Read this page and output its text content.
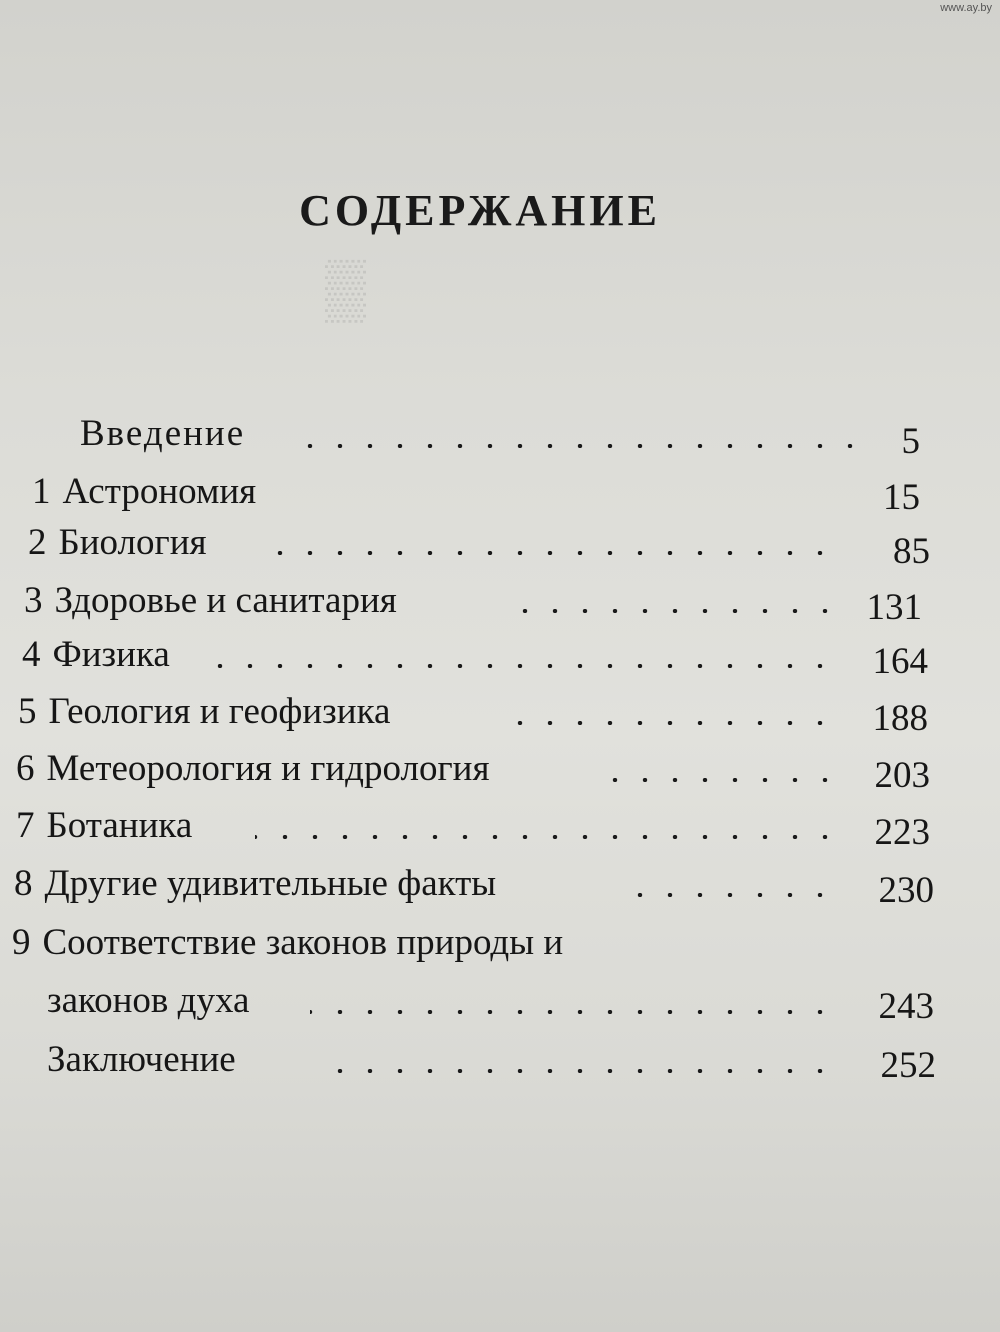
▒
СОДЕРЖАНИЕ
Введение	5
1 Астрономия	15
2 Биология	85
3 Здоровье и санитария	131
4 Физика	164
5 Геология и геофизика	188
6 Метеорология и гидрология	203
7 Ботаника	223
8 Другие удивительные факты	230
9 Соответствие законов природы и
законов духа	243
Заключение	252
www.ay.by
